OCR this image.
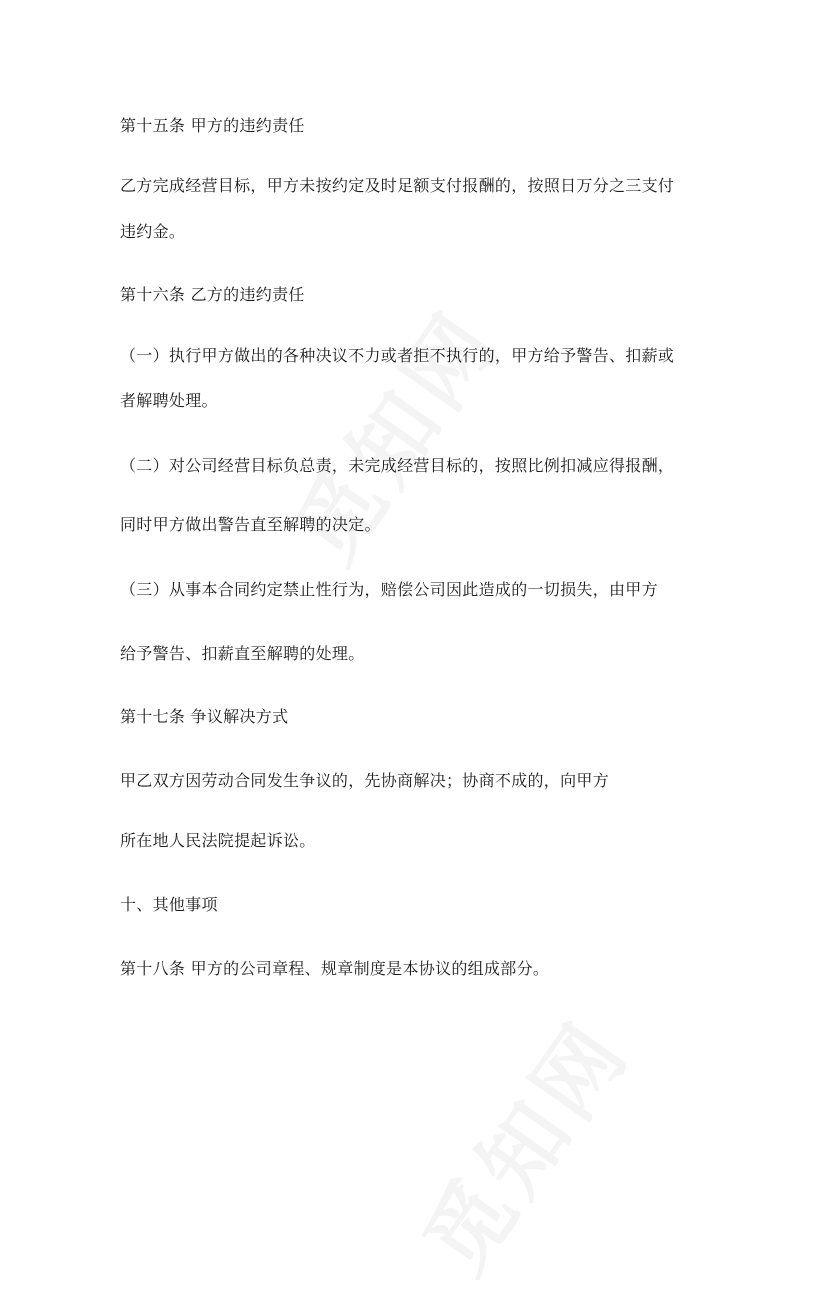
第十五条 甲方的违约责任
乙方完成经营目标，甲方未按约定及时足额支付报酬的，按照日万分之三支付
违约金。
第十六条 乙方的违约责任
（一）执行甲方做出的各种决议不力或者拒不执行的，甲方给予警告、扣薪或
者解聘处理。
（二）对公司经营目标负总责，未完成经营目标的，按照比例扣减应得报酬，
同时甲方做出警告直至解聘的决定。
（三）从事本合同约定禁止性行为，赔偿公司因此造成的一切损失，由甲方
给予警告、扣薪直至解聘的处理。
第十七条 争议解决方式
甲乙双方因劳动合同发生争议的，先协商解决；协商不成的，向甲方
所在地人民法院提起诉讼。
十、其他事项
第十八条 甲方的公司章程、规章制度是本协议的组成部分。
